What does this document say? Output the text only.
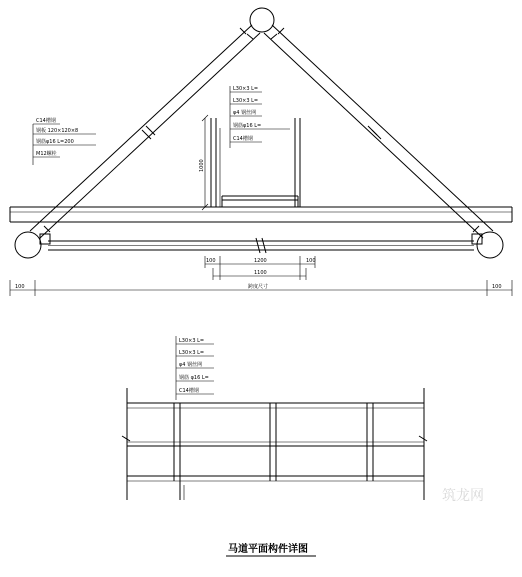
1000
C14槽钢
钢板 120×120×8
钢筋φ16 L=200
M12螺栓
L30×3 L=
L30×3 L=
φ4 钢丝网
钢筋φ16 L=
C14槽钢
100	1200
1100
100
100	跨度尺寸	100
L30×3 L=
L30×3 L=
φ4 钢丝网
钢筋 φ16 L=
C14槽钢
马道平面构件详图
筑龙网
